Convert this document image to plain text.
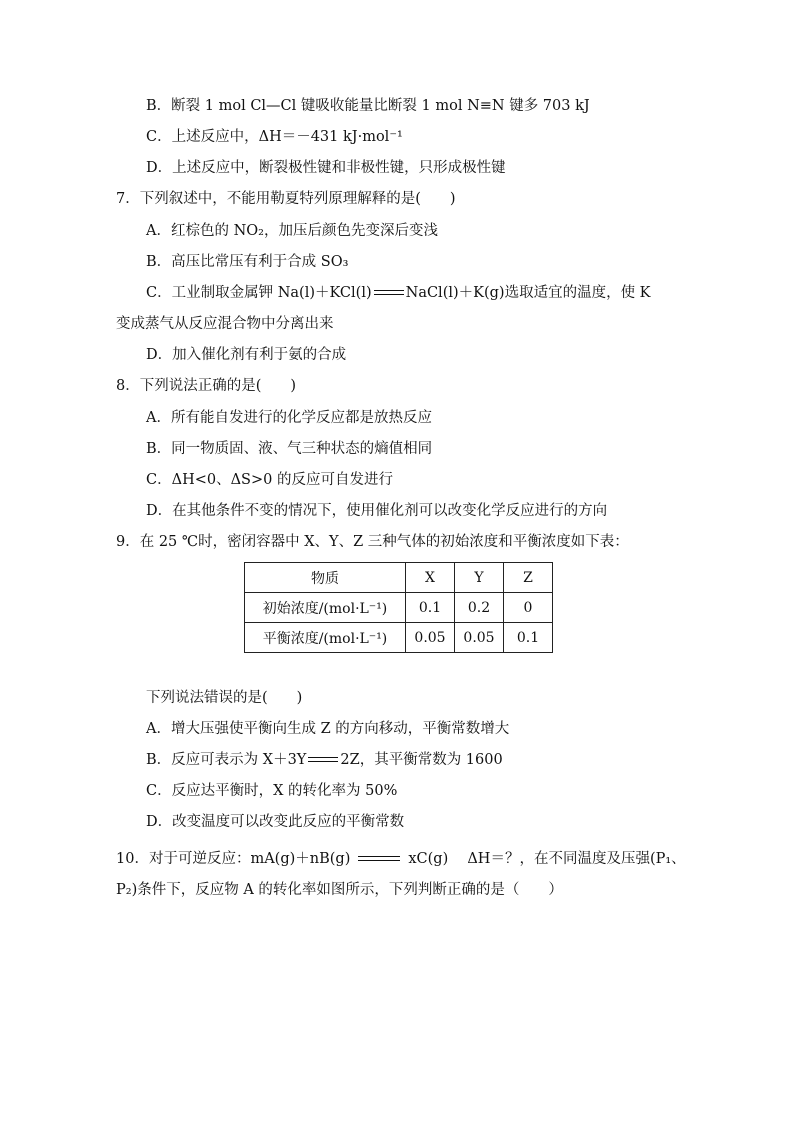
B．断裂 1 mol Cl—Cl 键吸收能量比断裂 1 mol N≡N 键多 703 kJ
C．上述反应中，ΔH＝－431 kJ·mol⁻¹
D．上述反应中，断裂极性键和非极性键，只形成极性键
7．下列叙述中，不能用勒夏特列原理解释的是(　　)
A．红棕色的 NO₂，加压后颜色先变深后变浅
B．高压比常压有利于合成 SO₃
C．工业制取金属钾 Na(l)＋KCl(l) NaCl(l)＋K(g)选取适宜的温度，使 K
变成蒸气从反应混合物中分离出来
D．加入催化剂有利于氨的合成
8．下列说法正确的是(　　)
A．所有能自发进行的化学反应都是放热反应
B．同一物质固、液、气三种状态的熵值相同
C．ΔH<0、ΔS>0 的反应可自发进行
D．在其他条件不变的情况下，使用催化剂可以改变化学反应进行的方向
9．在 25 ℃时，密闭容器中 X、Y、Z 三种气体的初始浓度和平衡浓度如下表：
物质	X	Y	Z
初始浓度/(mol·L⁻¹)	0.1	0.2	0
平衡浓度/(mol·L⁻¹)	0.05	0.05	0.1
下列说法错误的是(　　)
A．增大压强使平衡向生成 Z 的方向移动，平衡常数增大
B．反应可表示为 X＋3Y 2Z，其平衡常数为 1600
C．反应达平衡时，X 的转化率为 50%
D．改变温度可以改变此反应的平衡常数
10．对于可逆反应：mA(g)＋nB(g)	xC(g)　 ΔH＝？，在不同温度及压强(P₁、
P₂)条件下，反应物 A 的转化率如图所示，下列判断正确的是（　　）
